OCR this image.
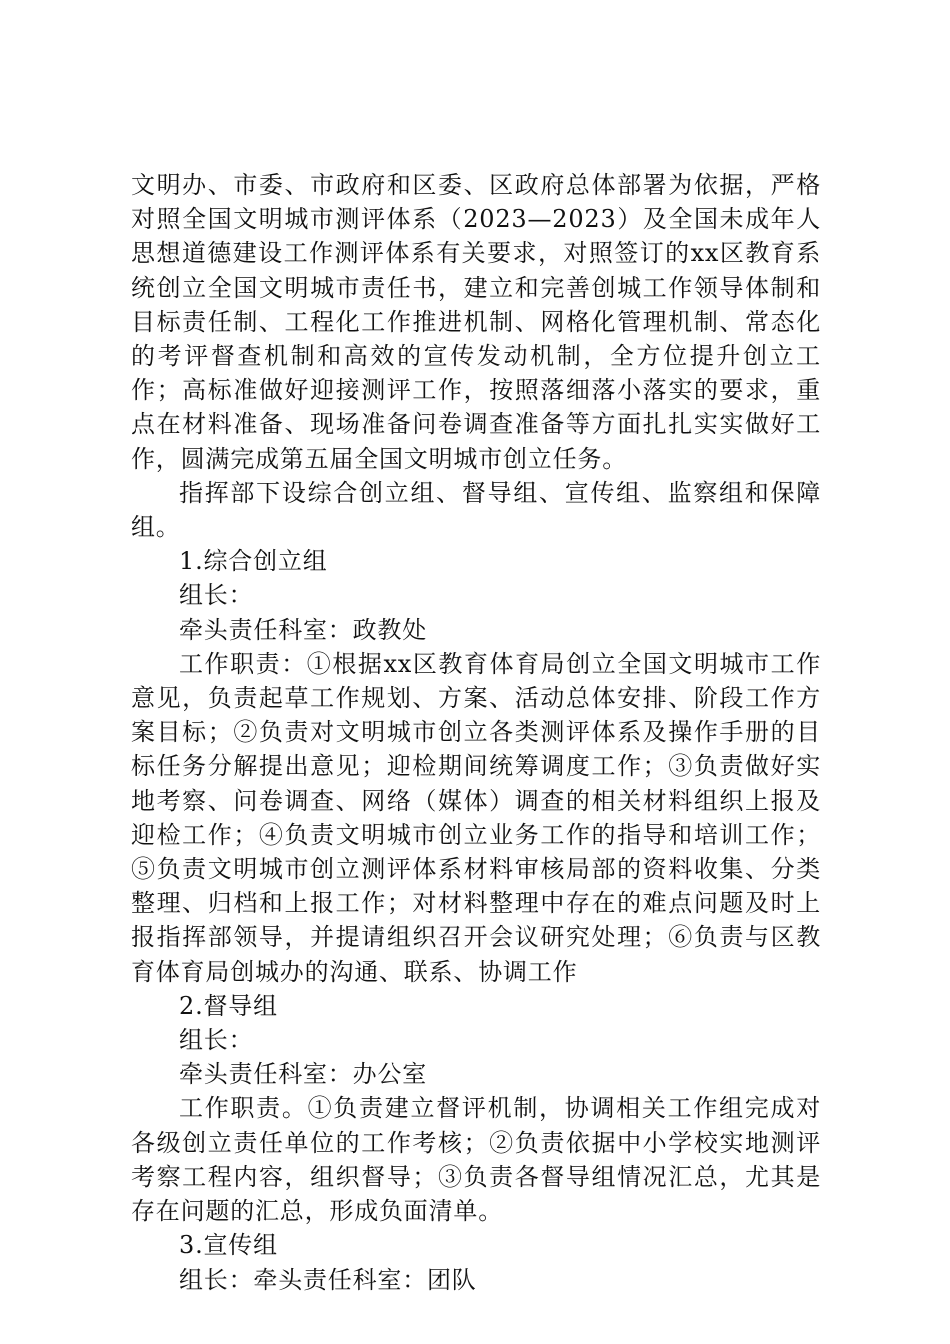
文明办、市委、市政府和区委、区政府总体部署为依据，严格对照全国文明城市测评体系（2023—2023）及全国未成年人思想道德建设工作测评体系有关要求，对照签订的xx区教育系统创立全国文明城市责任书，建立和完善创城工作领导体制和目标责任制、工程化工作推进机制、网格化管理机制、常态化的考评督查机制和高效的宣传发动机制，全方位提升创立工作；高标准做好迎接测评工作，按照落细落小落实的要求，重点在材料准备、现场准备问卷调查准备等方面扎扎实实做好工作，圆满完成第五届全国文明城市创立任务。

指挥部下设综合创立组、督导组、宣传组、监察组和保障组。

1.综合创立组

组长：

牵头责任科室：政教处

工作职责：①根据xx区教育体育局创立全国文明城市工作意见，负责起草工作规划、方案、活动总体安排、阶段工作方案目标；②负责对文明城市创立各类测评体系及操作手册的目标任务分解提出意见；迎检期间统筹调度工作；③负责做好实地考察、问卷调查、网络（媒体）调查的相关材料组织上报及迎检工作；④负责文明城市创立业务工作的指导和培训工作；⑤负责文明城市创立测评体系材料审核局部的资料收集、分类整理、归档和上报工作；对材料整理中存在的难点问题及时上报指挥部领导，并提请组织召开会议研究处理；⑥负责与区教育体育局创城办的沟通、联系、协调工作

2.督导组

组长：

牵头责任科室：办公室

工作职责。①负责建立督评机制，协调相关工作组完成对各级创立责任单位的工作考核；②负责依据中小学校实地测评考察工程内容，组织督导；③负责各督导组情况汇总，尤其是存在问题的汇总，形成负面清单。

3.宣传组

组长：牵头责任科室：团队
